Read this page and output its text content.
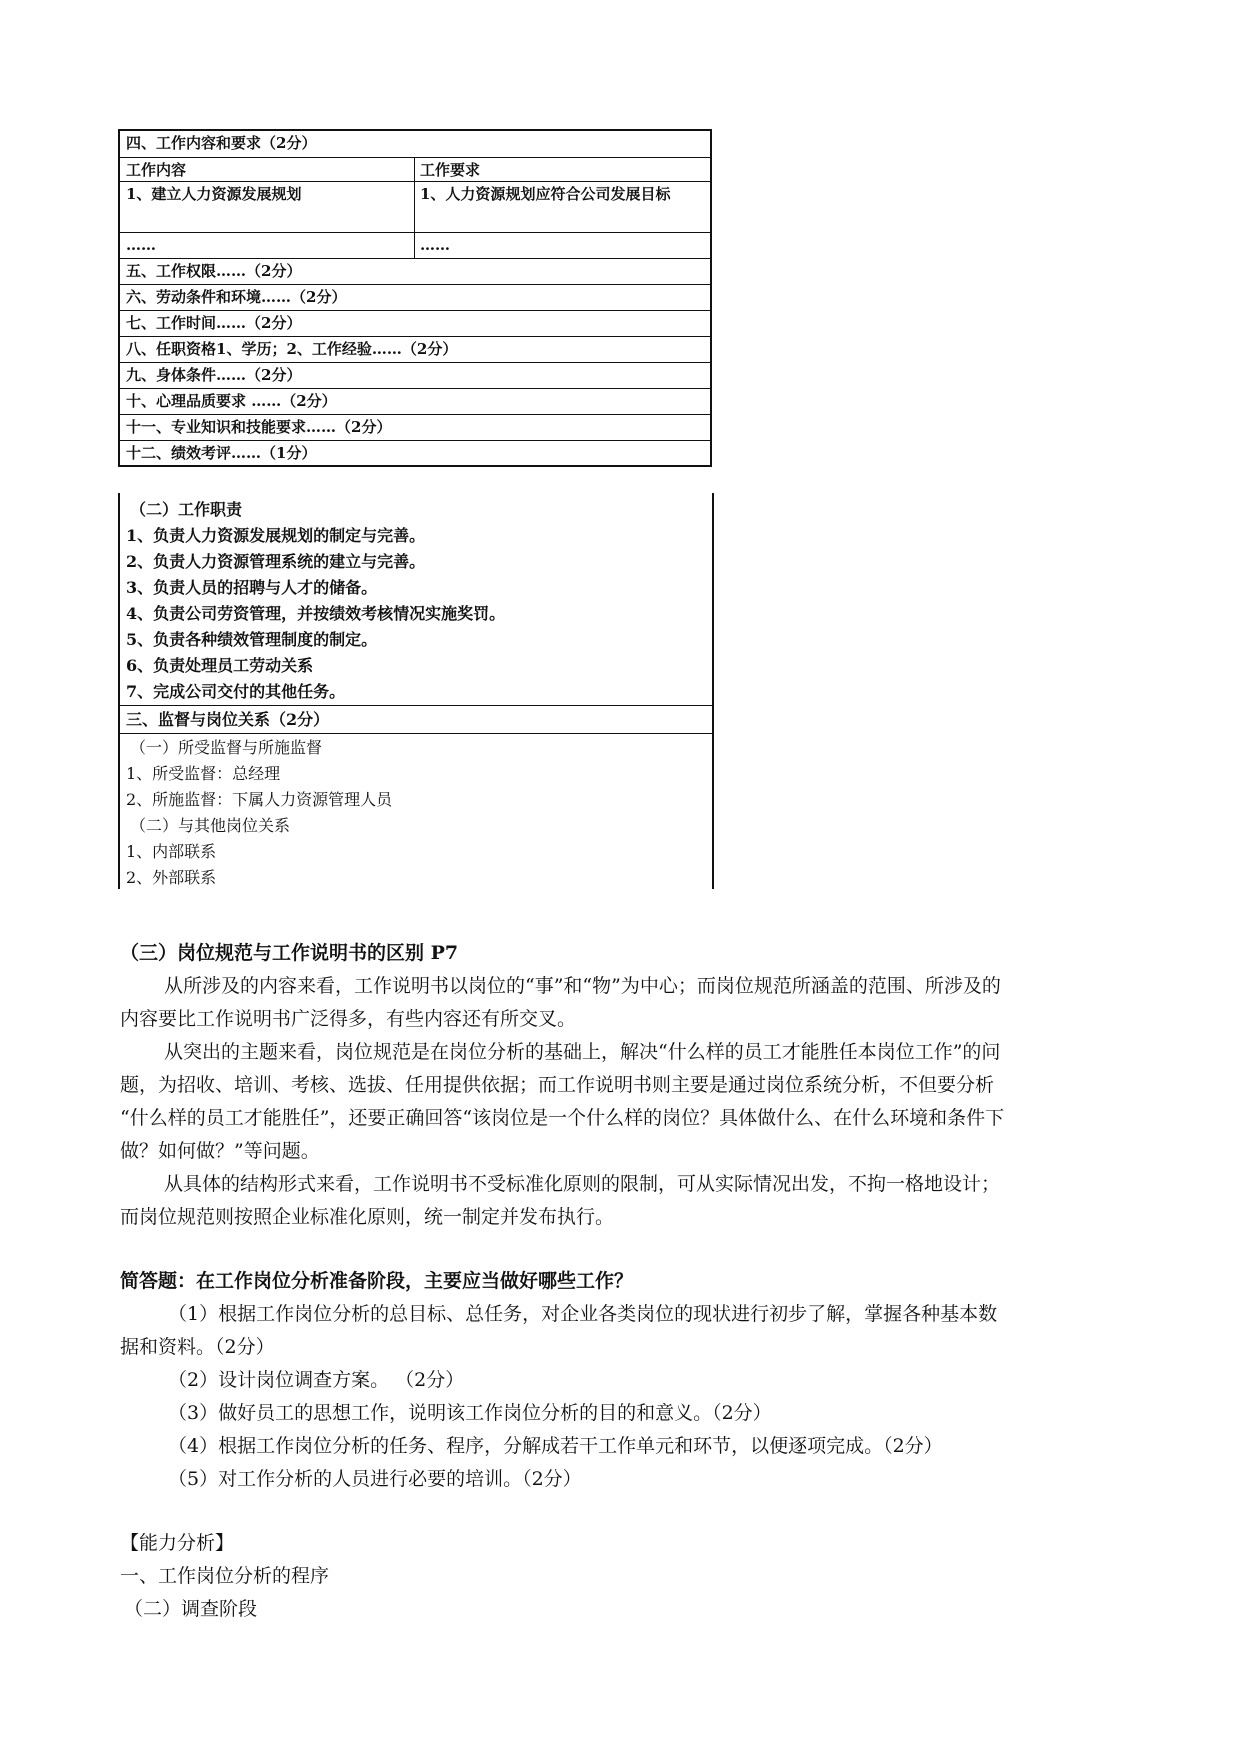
四、工作内容和要求（2分）
工作内容	工作要求
1、建立人力资源发展规划	1、人力资源规划应符合公司发展目标
……	……
五、工作权限……（2分）
六、劳动条件和环境……（2分）
七、工作时间……（2分）
八、任职资格1、学历；2、工作经验……（2分）
九、身体条件……（2分）
十、心理品质要求 ……（2分）
十一、专业知识和技能要求……（2分）
十二、绩效考评……（1分）
（二）工作职责
1、负责人力资源发展规划的制定与完善。
2、负责人力资源管理系统的建立与完善。
3、负责人员的招聘与人才的储备。
4、负责公司劳资管理，并按绩效考核情况实施奖罚。
5、负责各种绩效管理制度的制定。
6、负责处理员工劳动关系
7、完成公司交付的其他任务。
三、监督与岗位关系（2分）
（一）所受监督与所施监督
1、所受监督：总经理
2、所施监督：下属人力资源管理人员
（二）与其他岗位关系
1、内部联系
2、外部联系
（三）岗位规范与工作说明书的区别 P7
从所涉及的内容来看，工作说明书以岗位的“事”和“物”为中心；而岗位规范所涵盖的范围、所涉及的
内容要比工作说明书广泛得多，有些内容还有所交叉。
从突出的主题来看，岗位规范是在岗位分析的基础上，解决“什么样的员工才能胜任本岗位工作”的问
题，为招收、培训、考核、选拔、任用提供依据；而工作说明书则主要是通过岗位系统分析，不但要分析
“什么样的员工才能胜任”，还要正确回答“该岗位是一个什么样的岗位？具体做什么、在什么环境和条件下
做？如何做？”等问题。
从具体的结构形式来看，工作说明书不受标准化原则的限制，可从实际情况出发，不拘一格地设计；
而岗位规范则按照企业标准化原则，统一制定并发布执行。
简答题：在工作岗位分析准备阶段，主要应当做好哪些工作？
（1）根据工作岗位分析的总目标、总任务，对企业各类岗位的现状进行初步了解，掌握各种基本数
据和资料。（2分）
（2）设计岗位调查方案。 （2分）
（3）做好员工的思想工作，说明该工作岗位分析的目的和意义。（2分）
（4）根据工作岗位分析的任务、程序，分解成若干工作单元和环节，以便逐项完成。（2分）
（5）对工作分析的人员进行必要的培训。（2分）
【能力分析】
一、工作岗位分析的程序
（二）调查阶段
